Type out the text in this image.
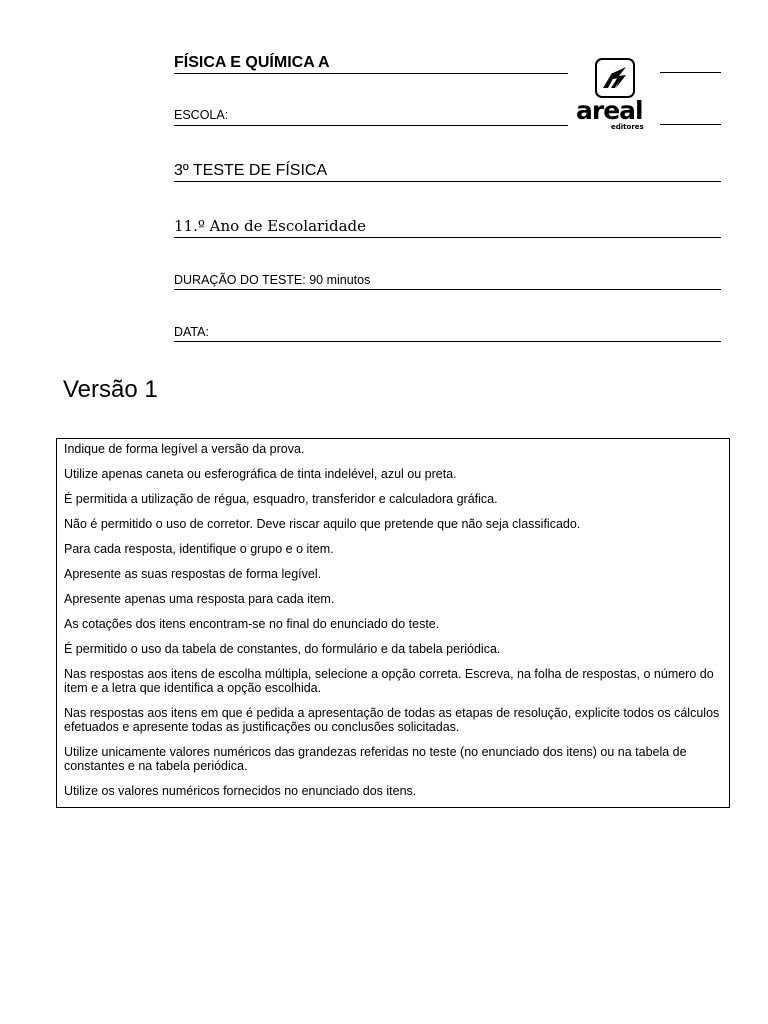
FÍSICA E QUÍMICA A
ESCOLA:
3º TESTE DE FÍSICA
11.º Ano de Escolaridade
DURAÇÃO DO TESTE: 90 minutos
DATA:
areal
editores
Versão 1
Indique de forma legível a versão da prova.
Utilize apenas caneta ou esferográfica de tinta indelével, azul ou preta.
É permitida a utilização de régua, esquadro, transferidor e calculadora gráfica.
Não é permitido o uso de corretor. Deve riscar aquilo que pretende que não seja classificado.
Para cada resposta, identifique o grupo e o item.
Apresente as suas respostas de forma legível.
Apresente apenas uma resposta para cada item.
As cotações dos itens encontram-se no final do enunciado do teste.
É permitido o uso da tabela de constantes, do formulário e da tabela periódica.
Nas respostas aos itens de escolha múltipla, selecione a opção correta. Escreva, na folha de respostas, o número do item e a letra que identifica a opção escolhida.
Nas respostas aos itens em que é pedida a apresentação de todas as etapas de resolução, explicite todos os cálculos efetuados e apresente todas as justificações ou conclusões solicitadas.
Utilize unicamente valores numéricos das grandezas referidas no teste (no enunciado dos itens) ou na tabela de constantes e na tabela periódica.
Utilize os valores numéricos fornecidos no enunciado dos itens.
